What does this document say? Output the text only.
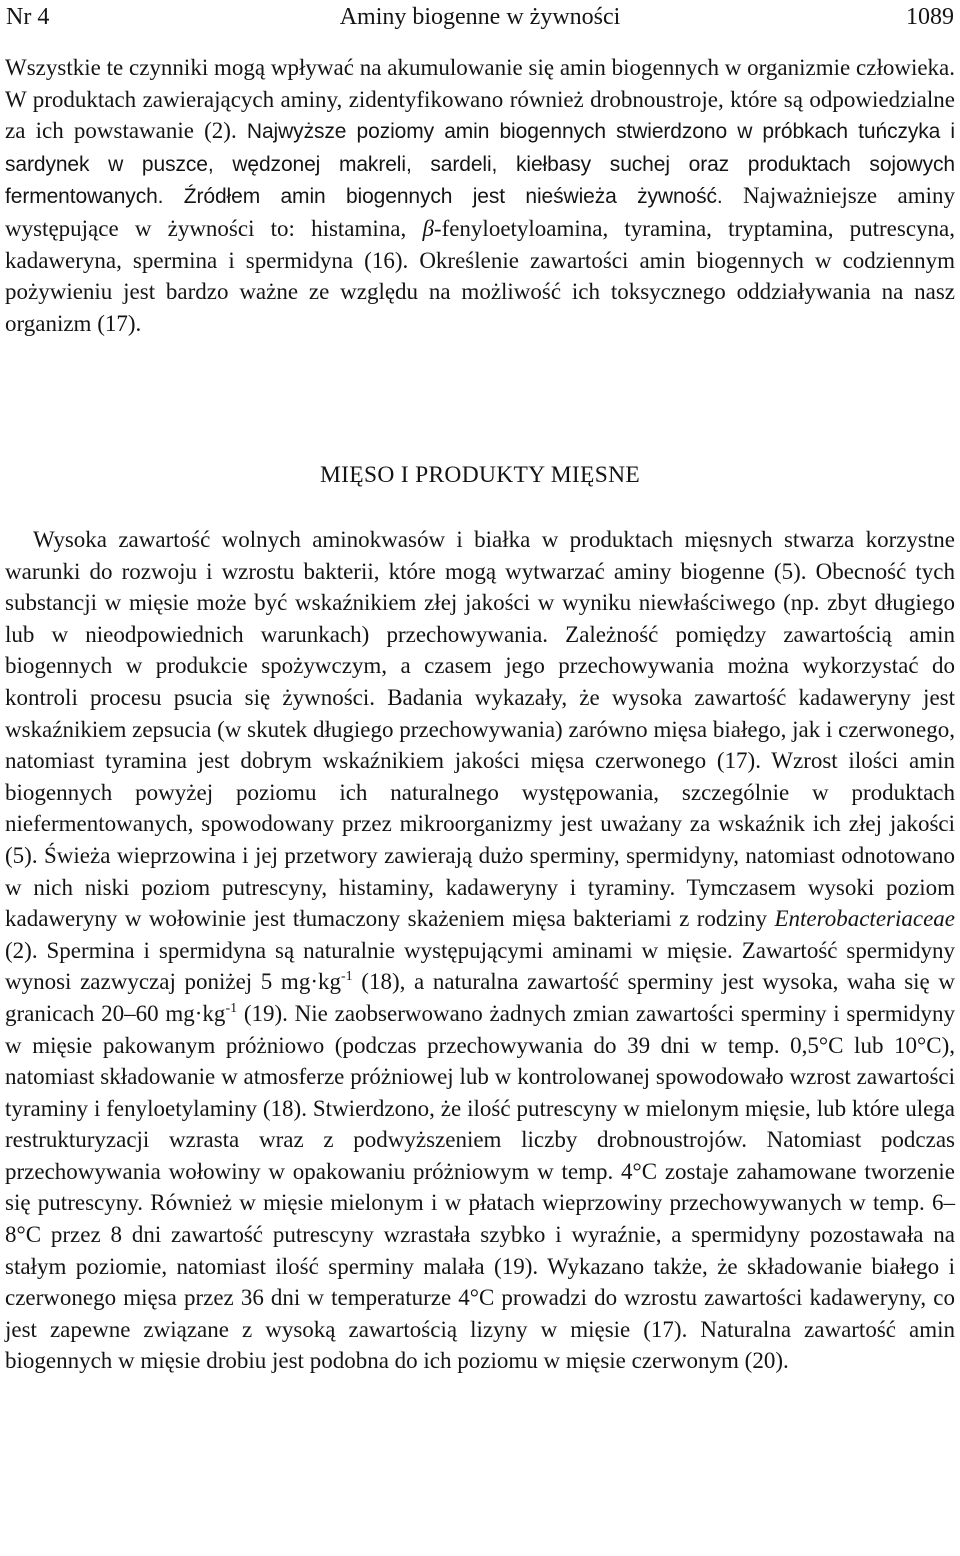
Nr 4	Aminy biogenne w żywności	1089

Wszystkie te czynniki mogą wpływać na akumulowanie się amin biogennych w organizmie człowieka. W produktach zawierających aminy, zidentyfikowano również drobnoustroje, które są odpowiedzialne za ich powstawanie (2). Najwyższe poziomy amin biogennych stwierdzono w próbkach tuńczyka i sardynek w puszce, wędzonej makreli, sardeli, kiełbasy suchej oraz produktach sojowych fermentowanych. Źródłem amin biogennych jest nieświeża żywność. Najważniejsze aminy występujące w żywności to: histamina, β-fenyloetyloamina, tyramina, tryptamina, putrescyna, kadaweryna, spermina i spermidyna (16). Określenie zawartości amin biogennych w codziennym pożywieniu jest bardzo ważne ze względu na możliwość ich toksycznego oddziaływania na nasz organizm (17).

MIĘSO I PRODUKTY MIĘSNE

Wysoka zawartość wolnych aminokwasów i białka w produktach mięsnych stwarza korzystne warunki do rozwoju i wzrostu bakterii, które mogą wytwarzać aminy biogenne (5). Obecność tych substancji w mięsie może być wskaźnikiem złej jakości w wyniku niewłaściwego (np. zbyt długiego lub w nieodpowiednich warunkach) przechowywania. Zależność pomiędzy zawartością amin biogennych w produkcie spożywczym, a czasem jego przechowywania można wykorzystać do kontroli procesu psucia się żywności. Badania wykazały, że wysoka zawartość kadaweryny jest wskaźnikiem zepsucia (w skutek długiego przechowywania) zarówno mięsa białego, jak i czerwonego, natomiast tyramina jest dobrym wskaźnikiem jakości mięsa czerwonego (17). Wzrost ilości amin biogennych powyżej poziomu ich naturalnego występowania, szczególnie w produktach niefermentowanych, spowodowany przez mikroorganizmy jest uważany za wskaźnik ich złej jakości (5). Świeża wieprzowina i jej przetwory zawierają dużo sperminy, spermidyny, natomiast odnotowano w nich niski poziom putrescyny, histaminy, kadaweryny i tyraminy. Tymczasem wysoki poziom kadaweryny w wołowinie jest tłumaczony skażeniem mięsa bakteriami z rodziny Enterobacteriaceae (2). Spermina i spermidyna są naturalnie występującymi aminami w mięsie. Zawartość spermidyny wynosi zazwyczaj poniżej 5 $mg\cdot kg^{-1}$ (18), a naturalna zawartość sperminy jest wysoka, waha się w granicach 20–60 $mg\cdot kg^{-1}$ (19). Nie zaobserwowano żadnych zmian zawartości sperminy i spermidyny w mięsie pakowanym próżniowo (podczas przechowywania do 39 dni w temp. 0,5°C lub 10°C), natomiast składowanie w atmosferze próżniowej lub w kontrolowanej spowodowało wzrost zawartości tyraminy i fenyloetylaminy (18). Stwierdzono, że ilość putrescyny w mielonym mięsie, lub które ulega restrukturyzacji wzrasta wraz z podwyższeniem liczby drobnoustrojów. Natomiast podczas przechowywania wołowiny w opakowaniu próżniowym w temp. 4°C zostaje zahamowane tworzenie się putrescyny. Również w mięsie mielonym i w płatach wieprzowiny przechowywanych w temp. 6–8°C przez 8 dni zawartość putrescyny wzrastała szybko i wyraźnie, a spermidyny pozostawała na stałym poziomie, natomiast ilość sperminy malała (19). Wykazano także, że składowanie białego i czerwonego mięsa przez 36 dni w temperaturze 4°C prowadzi do wzrostu zawartości kadaweryny, co jest zapewne związane z wysoką zawartością lizyny w mięsie (17). Naturalna zawartość amin biogennych w mięsie drobiu jest podobna do ich poziomu w mięsie czerwonym (20).
